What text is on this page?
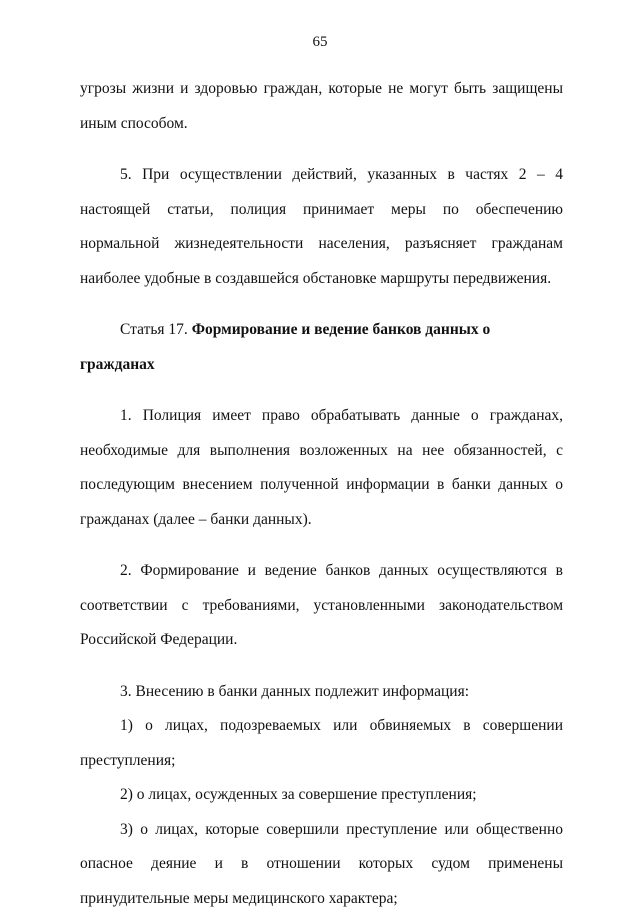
65

угрозы жизни и здоровью граждан, которые не могут быть защищены иным способом.

5. При осуществлении действий, указанных в частях 2 – 4 настоящей статьи, полиция принимает меры по обеспечению нормальной жизнедеятельности населения, разъясняет гражданам наиболее удобные в создавшейся обстановке маршруты передвижения.

Статья 17. Формирование и ведение банков данных о гражданах

1. Полиция имеет право обрабатывать данные о гражданах, необходимые для выполнения возложенных на нее обязанностей, с последующим внесением полученной информации в банки данных о гражданах (далее – банки данных).

2. Формирование и ведение банков данных осуществляются в соответствии с требованиями, установленными законодательством Российской Федерации.

3. Внесению в банки данных подлежит информация:

1) о лицах, подозреваемых или обвиняемых в совершении преступления;

2) о лицах, осужденных за совершение преступления;

3) о лицах, которые совершили преступление или общественно опасное деяние и в отношении которых судом применены принудительные меры медицинского характера;
